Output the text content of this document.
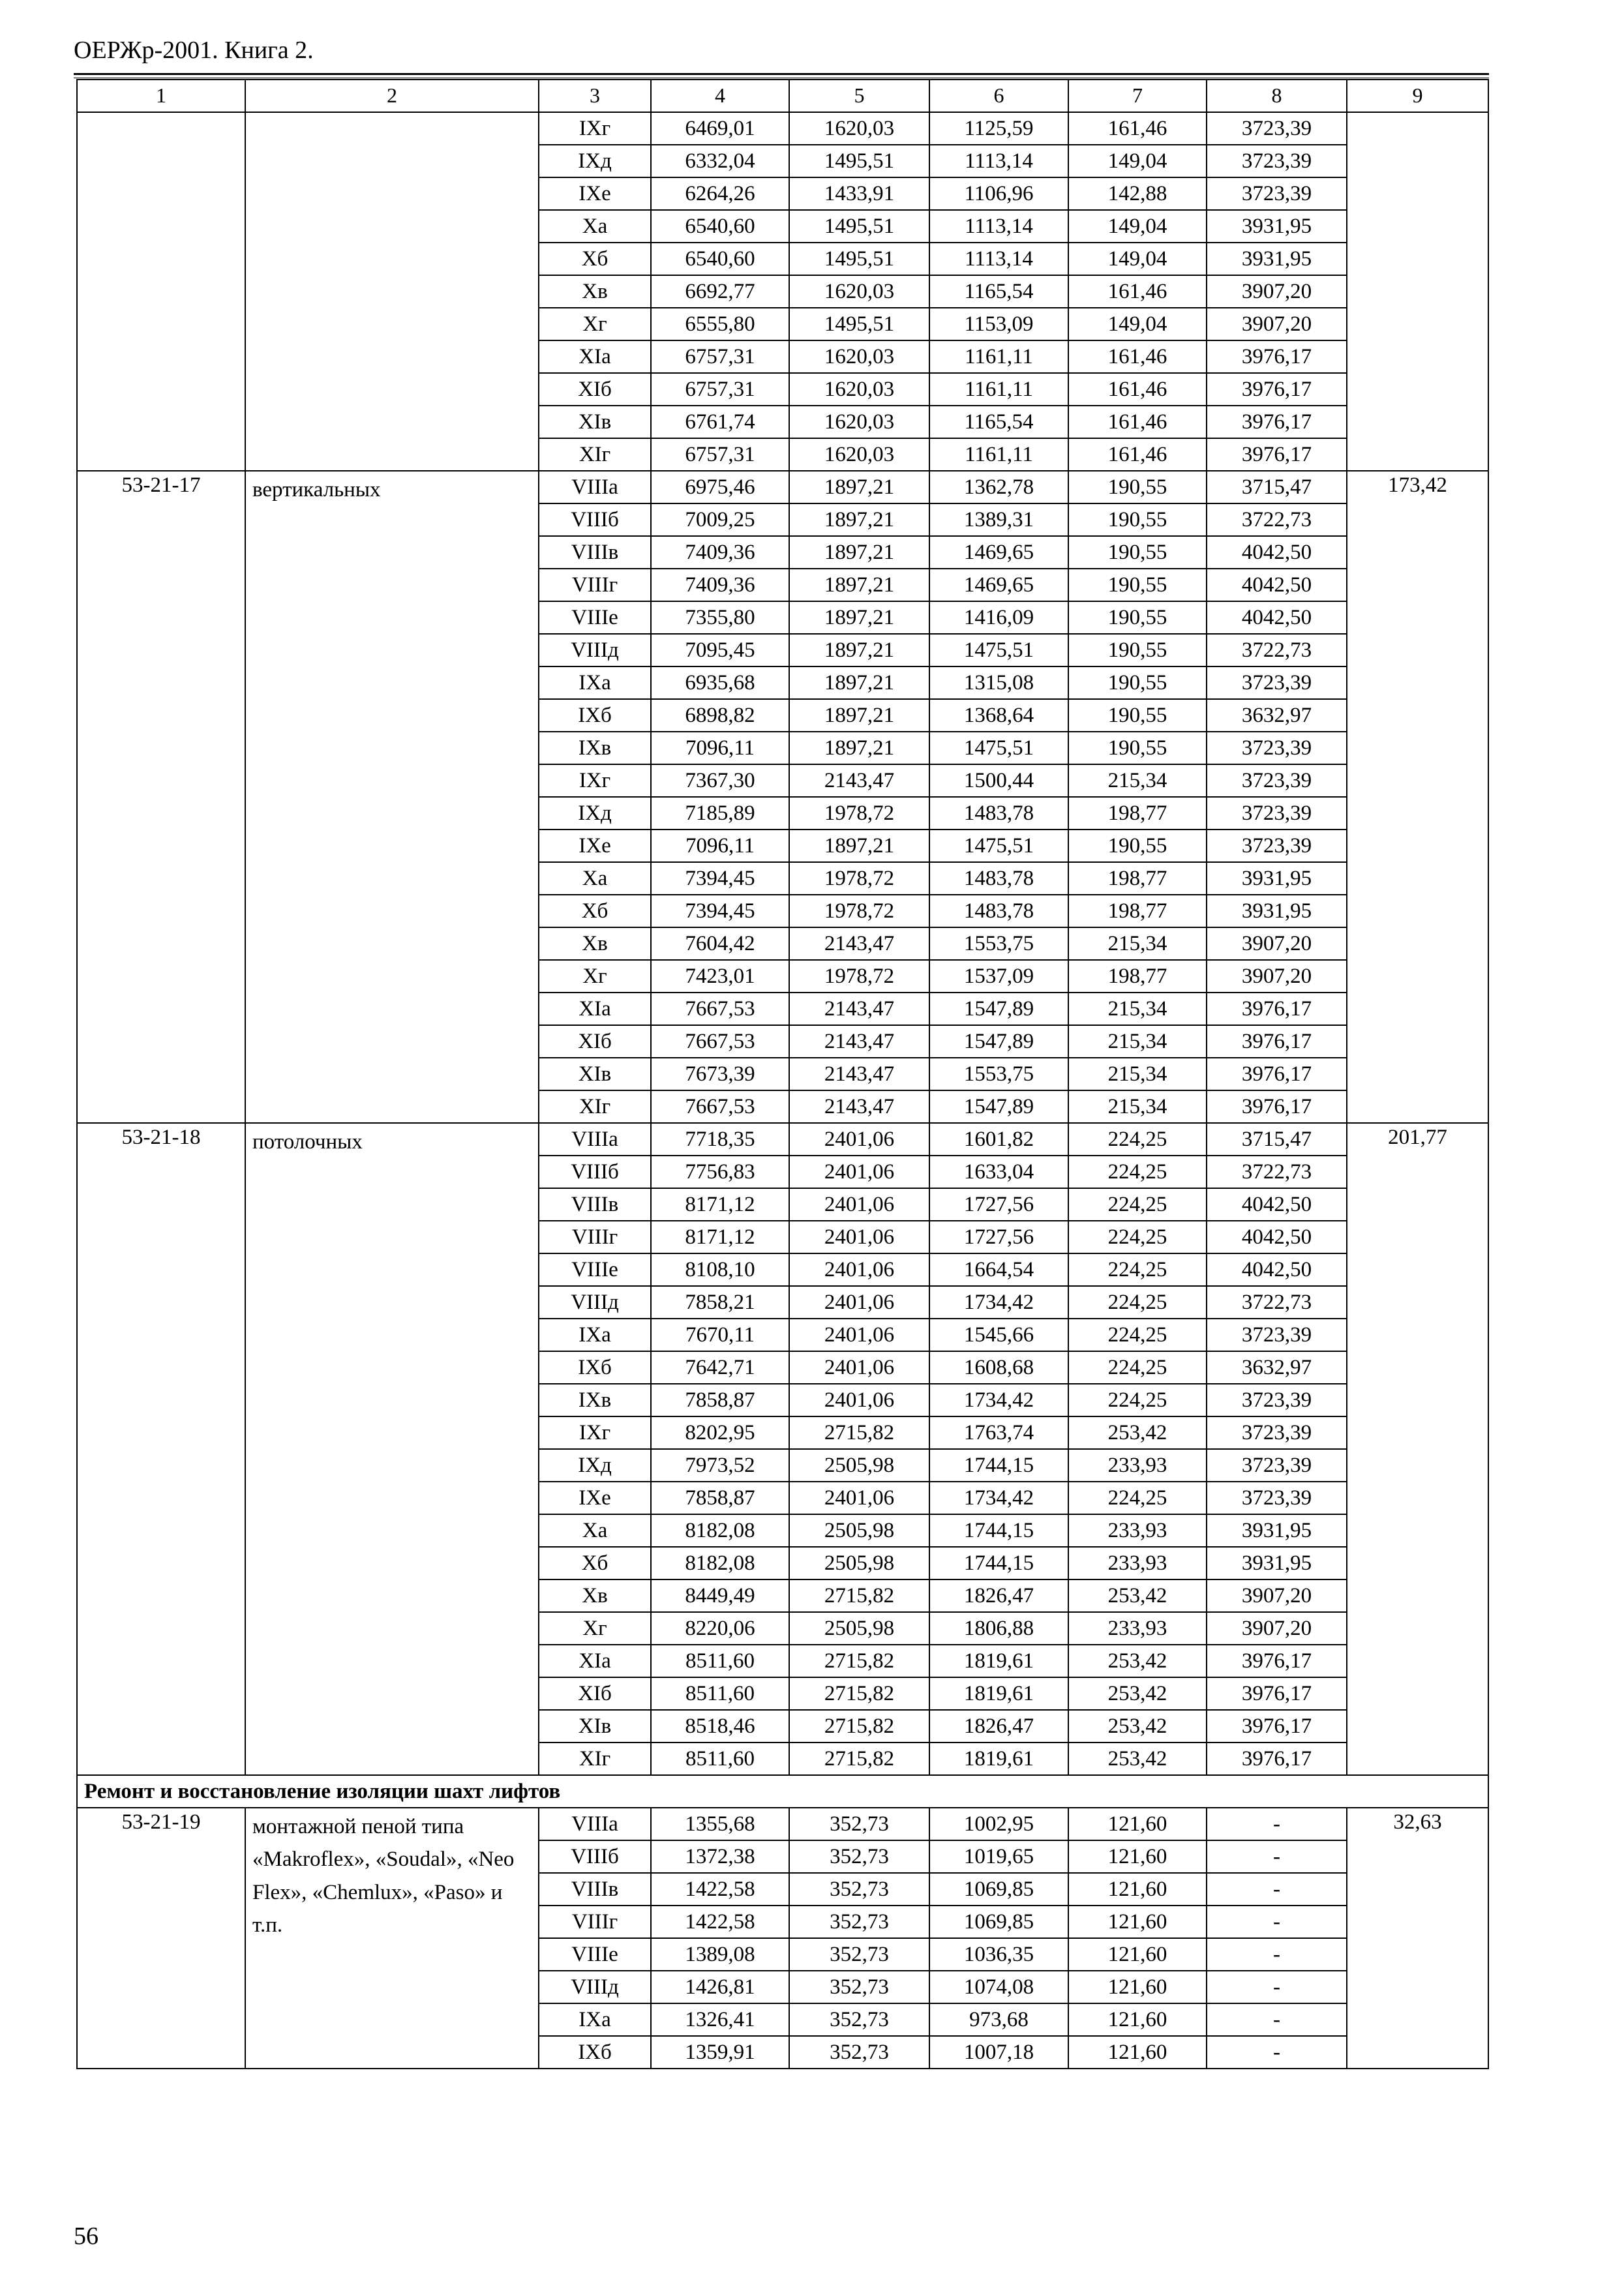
ОЕРЖр-2001. Книга 2.
1	2	3	4	5	6	7	8	9
		IXг	6469,01	1620,03	1125,59	161,46	3723,39	
		IXд	6332,04	1495,51	1113,14	149,04	3723,39	
		IXе	6264,26	1433,91	1106,96	142,88	3723,39	
		Xa	6540,60	1495,51	1113,14	149,04	3931,95	
		Xб	6540,60	1495,51	1113,14	149,04	3931,95	
		Xв	6692,77	1620,03	1165,54	161,46	3907,20	
		Xг	6555,80	1495,51	1153,09	149,04	3907,20	
		XIa	6757,31	1620,03	1161,11	161,46	3976,17	
		XIб	6757,31	1620,03	1161,11	161,46	3976,17	
		XIв	6761,74	1620,03	1165,54	161,46	3976,17	
		XIг	6757,31	1620,03	1161,11	161,46	3976,17	
53-21-17	вертикальных	VIIIa	6975,46	1897,21	1362,78	190,55	3715,47	173,42
		VIIIб	7009,25	1897,21	1389,31	190,55	3722,73	
		VIIIв	7409,36	1897,21	1469,65	190,55	4042,50	
		VIIIг	7409,36	1897,21	1469,65	190,55	4042,50	
		VIIIе	7355,80	1897,21	1416,09	190,55	4042,50	
		VIIIд	7095,45	1897,21	1475,51	190,55	3722,73	
		IXa	6935,68	1897,21	1315,08	190,55	3723,39	
		IXб	6898,82	1897,21	1368,64	190,55	3632,97	
		IXв	7096,11	1897,21	1475,51	190,55	3723,39	
		IXг	7367,30	2143,47	1500,44	215,34	3723,39	
		IXд	7185,89	1978,72	1483,78	198,77	3723,39	
		IXе	7096,11	1897,21	1475,51	190,55	3723,39	
		Xa	7394,45	1978,72	1483,78	198,77	3931,95	
		Xб	7394,45	1978,72	1483,78	198,77	3931,95	
		Xв	7604,42	2143,47	1553,75	215,34	3907,20	
		Xг	7423,01	1978,72	1537,09	198,77	3907,20	
		XIa	7667,53	2143,47	1547,89	215,34	3976,17	
		XIб	7667,53	2143,47	1547,89	215,34	3976,17	
		XIв	7673,39	2143,47	1553,75	215,34	3976,17	
		XIг	7667,53	2143,47	1547,89	215,34	3976,17	
53-21-18	потолочных	VIIIa	7718,35	2401,06	1601,82	224,25	3715,47	201,77
		VIIIб	7756,83	2401,06	1633,04	224,25	3722,73	
		VIIIв	8171,12	2401,06	1727,56	224,25	4042,50	
		VIIIг	8171,12	2401,06	1727,56	224,25	4042,50	
		VIIIе	8108,10	2401,06	1664,54	224,25	4042,50	
		VIIIд	7858,21	2401,06	1734,42	224,25	3722,73	
		IXa	7670,11	2401,06	1545,66	224,25	3723,39	
		IXб	7642,71	2401,06	1608,68	224,25	3632,97	
		IXв	7858,87	2401,06	1734,42	224,25	3723,39	
		IXг	8202,95	2715,82	1763,74	253,42	3723,39	
		IXд	7973,52	2505,98	1744,15	233,93	3723,39	
		IXе	7858,87	2401,06	1734,42	224,25	3723,39	
		Xa	8182,08	2505,98	1744,15	233,93	3931,95	
		Xб	8182,08	2505,98	1744,15	233,93	3931,95	
		Xв	8449,49	2715,82	1826,47	253,42	3907,20	
		Xг	8220,06	2505,98	1806,88	233,93	3907,20	
		XIa	8511,60	2715,82	1819,61	253,42	3976,17	
		XIб	8511,60	2715,82	1819,61	253,42	3976,17	
		XIв	8518,46	2715,82	1826,47	253,42	3976,17	
		XIг	8511,60	2715,82	1819,61	253,42	3976,17	
Ремонт и восстановление изоляции шахт лифтов								
53-21-19	монтажной пеной типа «Makroflex», «Soudal», «Neo Flex», «Chemlux», «Paso» и т.п.	VIIIa	1355,68	352,73	1002,95	121,60	-	32,63
		VIIIб	1372,38	352,73	1019,65	121,60	-	
		VIIIв	1422,58	352,73	1069,85	121,60	-	
		VIIIг	1422,58	352,73	1069,85	121,60	-	
		VIIIе	1389,08	352,73	1036,35	121,60	-	
		VIIIд	1426,81	352,73	1074,08	121,60	-	
		IXa	1326,41	352,73	973,68	121,60	-	
		IXб	1359,91	352,73	1007,18	121,60	-	
56
